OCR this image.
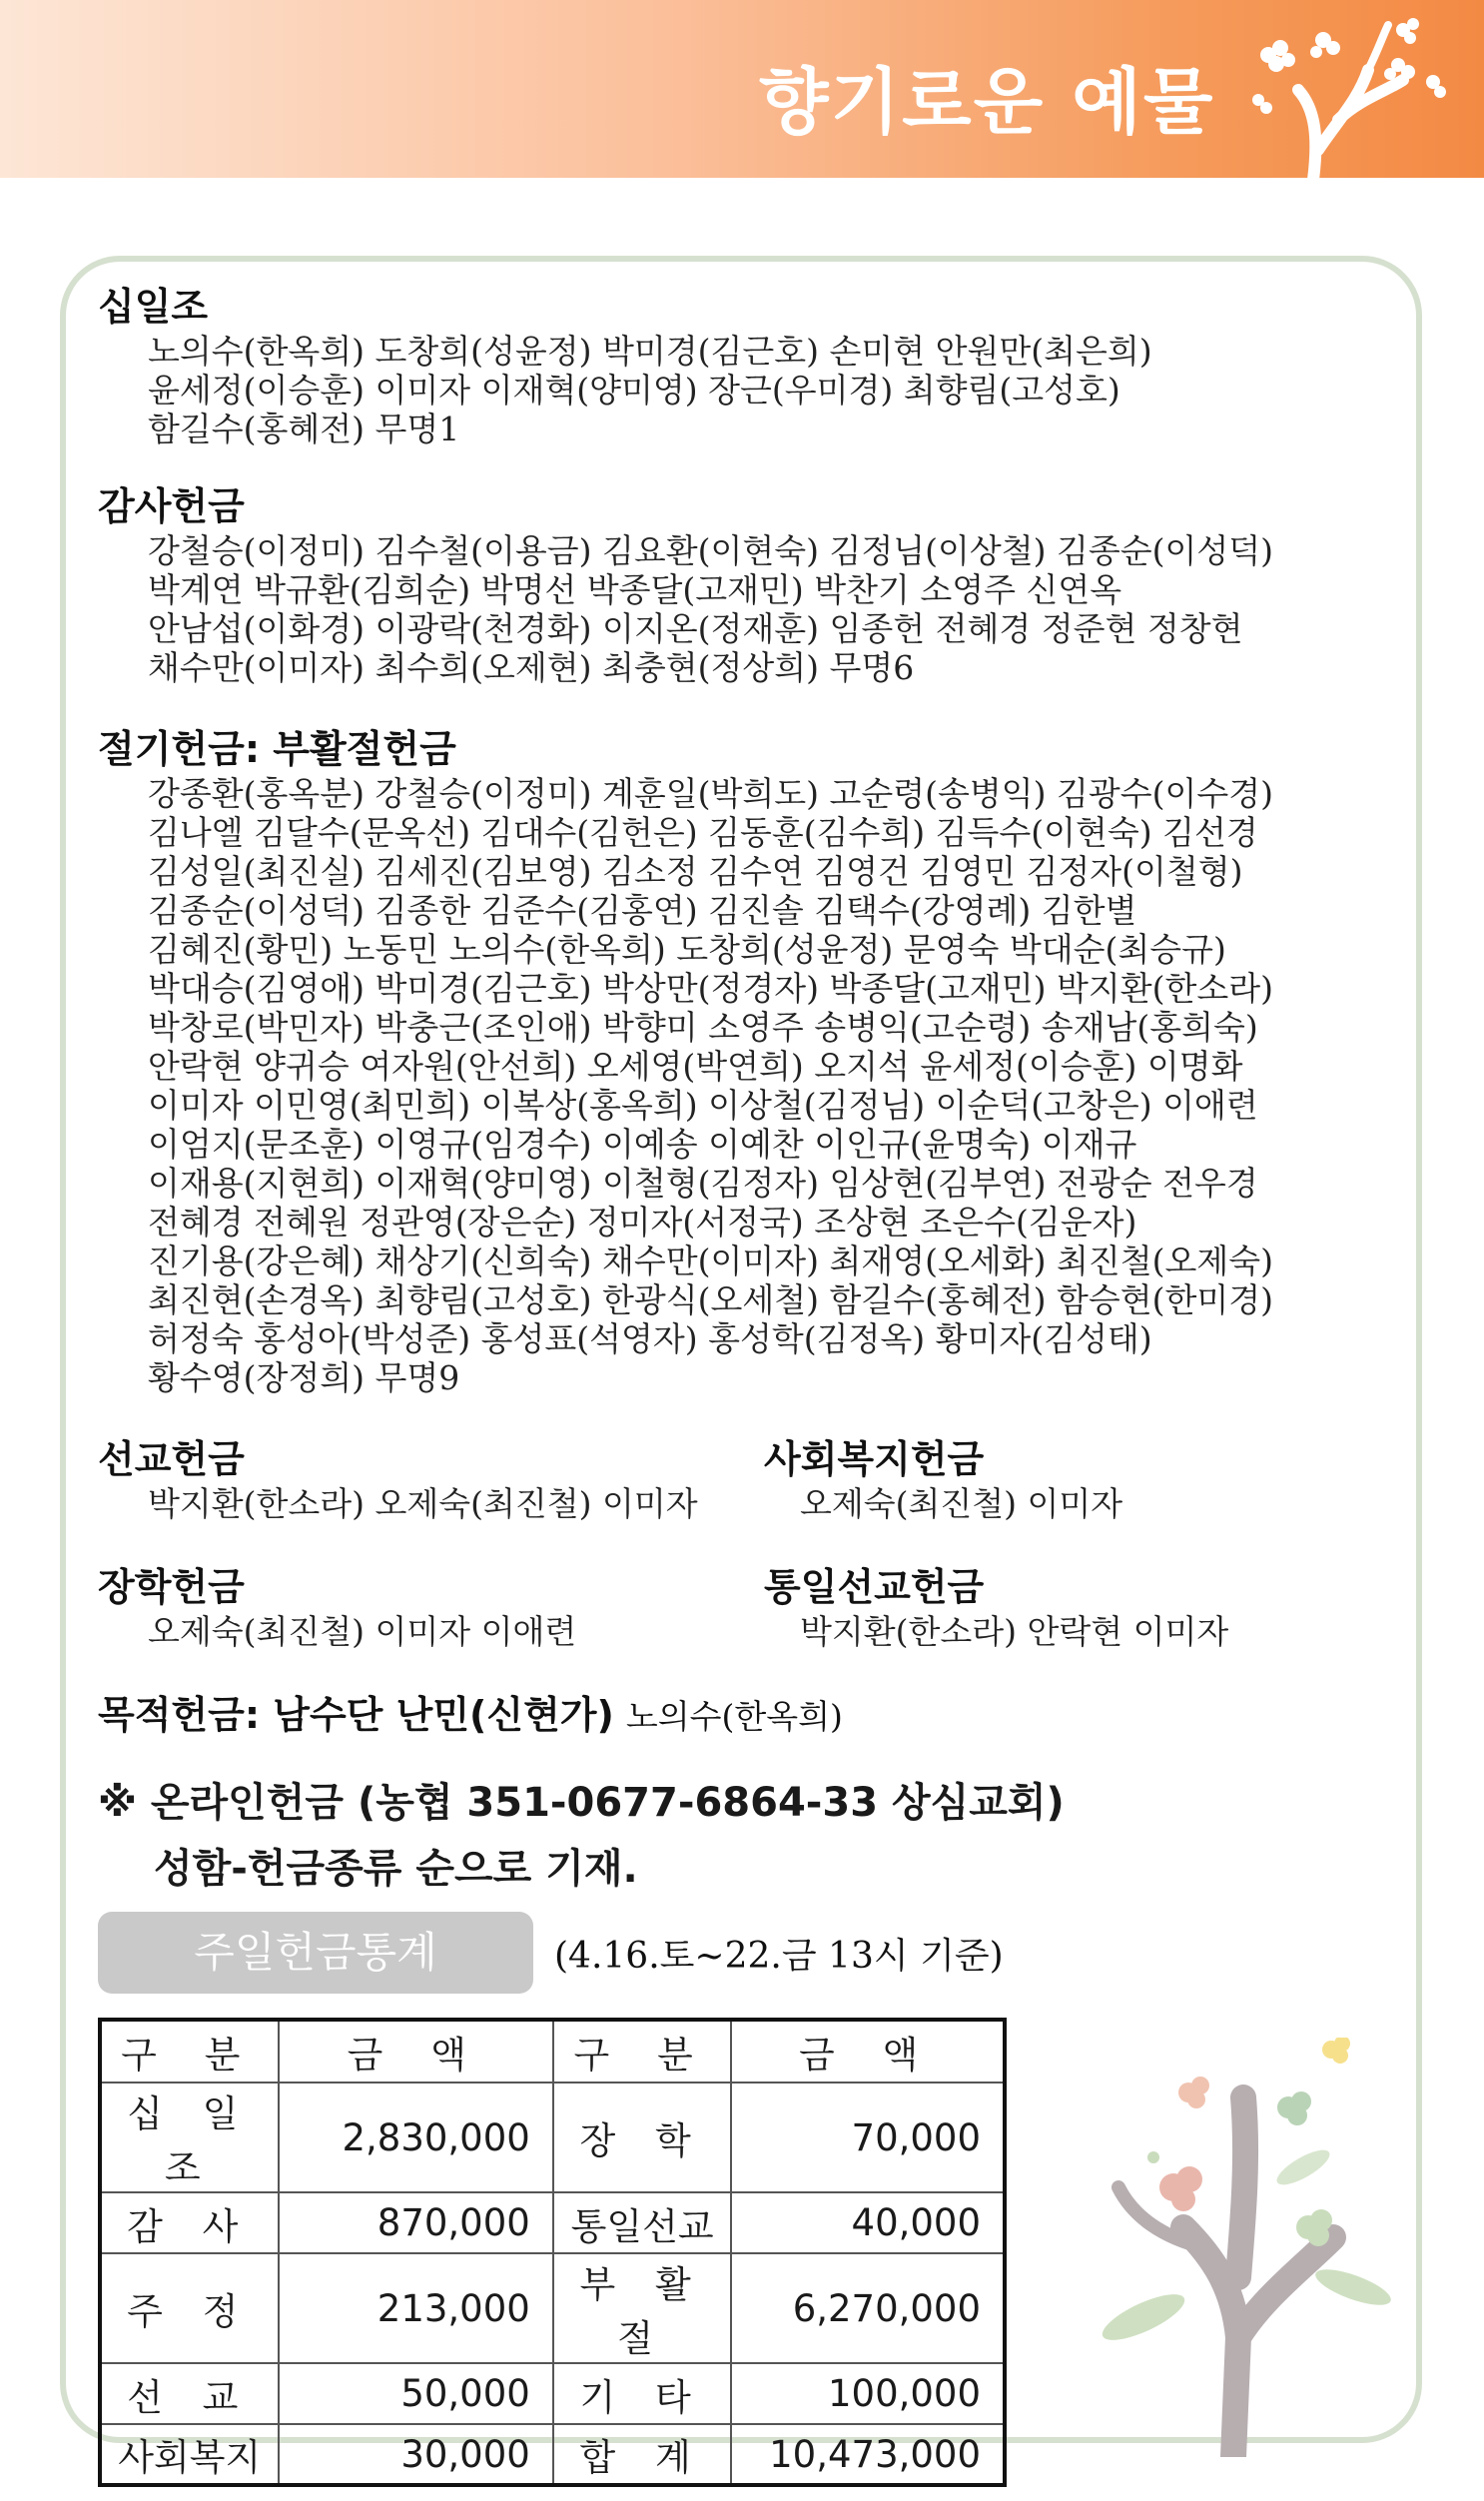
향기로운 예물
십일조
노의수(한옥희) 도창희(성윤정) 박미경(김근호) 손미현 안원만(최은희)
윤세정(이승훈) 이미자 이재혁(양미영) 장근(우미경) 최향림(고성호)
함길수(홍혜전) 무명1
감사헌금
강철승(이정미) 김수철(이용금) 김요환(이현숙) 김정님(이상철) 김종순(이성덕)
박계연 박규환(김희순) 박명선 박종달(고재민) 박찬기 소영주 신연옥
안남섭(이화경) 이광락(천경화) 이지온(정재훈) 임종헌 전혜경 정준현 정창현
채수만(이미자) 최수희(오제현) 최충현(정상희) 무명6
절기헌금: 부활절헌금
강종환(홍옥분) 강철승(이정미) 계훈일(박희도) 고순령(송병익) 김광수(이수경)
김나엘 김달수(문옥선) 김대수(김헌은) 김동훈(김수희) 김득수(이현숙) 김선경
김성일(최진실) 김세진(김보영) 김소정 김수연 김영건 김영민 김정자(이철형)
김종순(이성덕) 김종한 김준수(김홍연) 김진솔 김택수(강영례) 김한별
김혜진(황민) 노동민 노의수(한옥희) 도창희(성윤정) 문영숙 박대순(최승규)
박대승(김영애) 박미경(김근호) 박상만(정경자) 박종달(고재민) 박지환(한소라)
박창로(박민자) 박충근(조인애) 박향미 소영주 송병익(고순령) 송재남(홍희숙)
안락현 양귀승 여자원(안선희) 오세영(박연희) 오지석 윤세정(이승훈) 이명화
이미자 이민영(최민희) 이복상(홍옥희) 이상철(김정님) 이순덕(고창은) 이애련
이엄지(문조훈) 이영규(임경수) 이예송 이예찬 이인규(윤명숙) 이재규
이재용(지현희) 이재혁(양미영) 이철형(김정자) 임상현(김부연) 전광순 전우경
전혜경 전혜원 정관영(장은순) 정미자(서정국) 조상현 조은수(김운자)
진기용(강은혜) 채상기(신희숙) 채수만(이미자) 최재영(오세화) 최진철(오제숙)
최진현(손경옥) 최향림(고성호) 한광식(오세철) 함길수(홍혜전) 함승현(한미경)
허정숙 홍성아(박성준) 홍성표(석영자) 홍성학(김정옥) 황미자(김성태)
황수영(장정희) 무명9
선교헌금
박지환(한소라) 오제숙(최진철) 이미자
사회복지헌금
오제숙(최진철) 이미자
장학헌금
오제숙(최진철) 이미자 이애련
통일선교헌금
박지환(한소라) 안락현 이미자
목적헌금: 남수단 난민(신현가) 노의수(한옥희)
※ 온라인헌금 (농협 351-0677-6864-33 상심교회)
성함-헌금종류 순으로 기재.
주일헌금통계	(4.16.토~22.금 13시 기준)
구 분	금 액	구 분	금 액
십 일 조	2,830,000	장 학	70,000
감 사	870,000	통일선교	40,000
주 정	213,000	부 활 절	6,270,000
선 교	50,000	기 타	100,000
사회복지	30,000	합 계	10,473,000
